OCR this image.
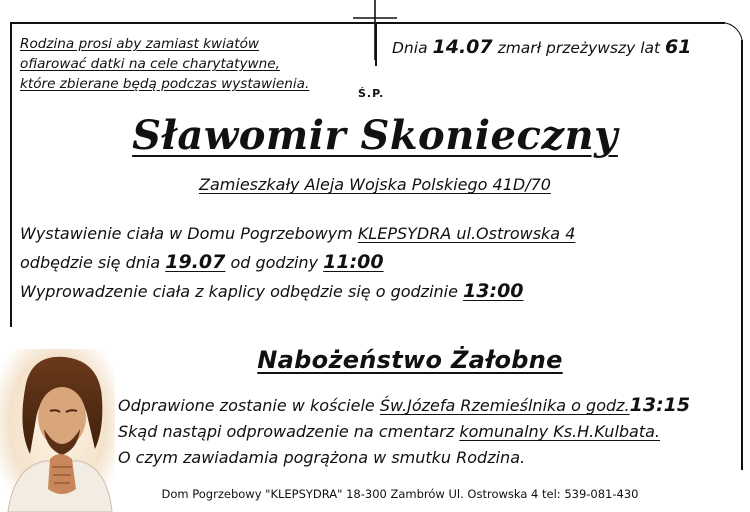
Rodzina prosi aby zamiast kwiatów
ofiarować datki na cele charytatywne,
które zbierane będą podczas wystawienia.
Dnia 14.07 zmarł przeżywszy lat 61
Ś.P.
Sławomir Skonieczny
Zamieszkały Aleja Wojska Polskiego 41D/70
Wystawienie ciała w Domu Pogrzebowym KLEPSYDRA ul.Ostrowska 4
odbędzie się dnia 19.07 od godziny 11:00
Wyprowadzenie ciała z kaplicy odbędzie się o godzinie 13:00
Nabożeństwo Żałobne
Odprawione zostanie w kościele Św.Józefa Rzemieślnika o godz.13:15
Skąd nastąpi odprowadzenie na cmentarz komunalny Ks.H.Kulbata.
O czym zawiadamia pogrążona w smutku Rodzina.
Dom Pogrzebowy "KLEPSYDRA" 18-300 Zambrów Ul. Ostrowska 4 tel: 539-081-430
